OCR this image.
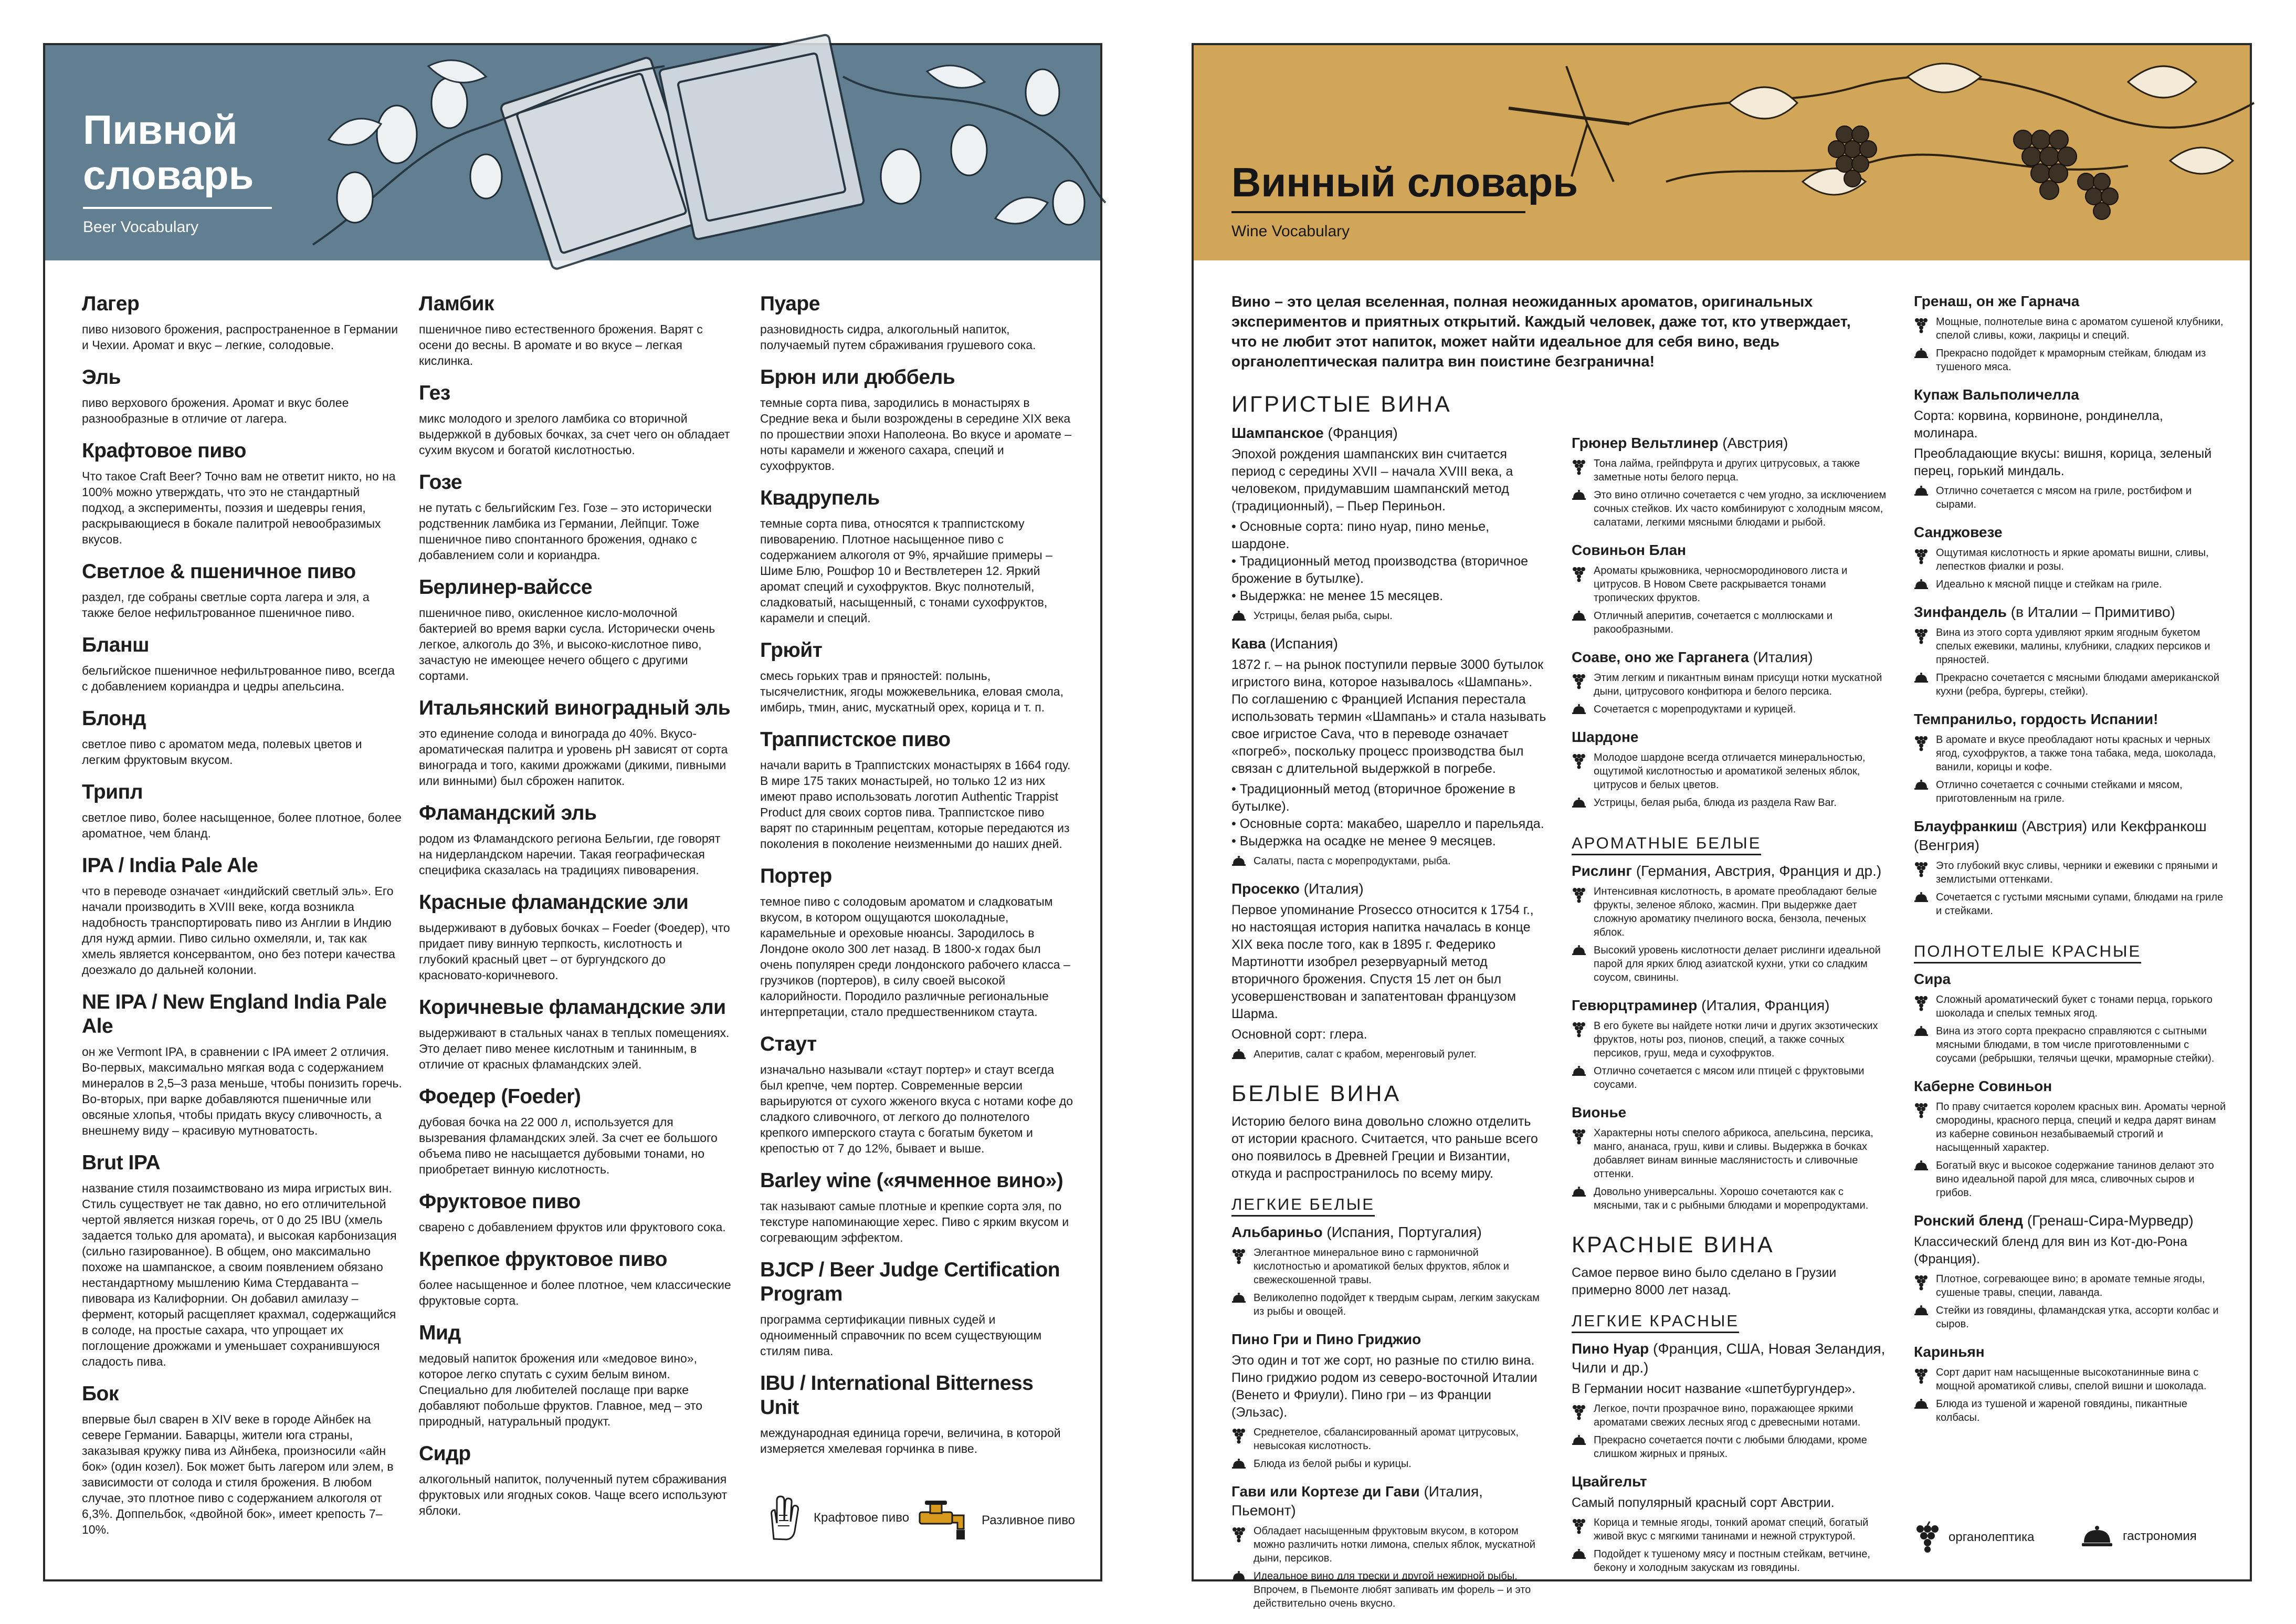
Пивной
словарь
Beer Vocabulary
Лагер

пиво низового брожения, распространенное в Германии и Чехии. Аромат и вкус – легкие, солодовые.

Эль

пиво верхового брожения. Аромат и вкус более разнообразные в отличие от лагера.

Крафтовое пиво

Что такое Craft Beer? Точно вам не ответит никто, но на 100% можно утверждать, что это не стандартный подход, а эксперименты, поэзия и шедевры гения, раскрывающиеся в бокале палитрой невообразимых вкусов.

Светлое & пшеничное пиво

раздел, где собраны светлые сорта лагера и эля, а также белое нефильтрованное пшеничное пиво.

Бланш

бельгийское пшеничное нефильтрованное пиво, всегда с добавлением кориандра и цедры апельсина.

Блонд

светлое пиво с ароматом меда, полевых цветов и легким фруктовым вкусом.

Трипл

светлое пиво, более насыщенное, более плотное, более ароматное, чем бланд.

IPA / India Pale Ale

что в переводе означает «индийский светлый эль». Его начали производить в XVIII веке, когда возникла надобность транспортировать пиво из Англии в Индию для нужд армии. Пиво сильно охмеляли, и, так как хмель является консервантом, оно без потери качества доезжало до дальней колонии.

NE IPA / New England India Pale Ale

он же Vermont IPA, в сравнении с IPA имеет 2 отличия. Во-первых, максимально мягкая вода с содержанием минералов в 2,5–3 раза меньше, чтобы понизить горечь. Во-вторых, при варке добавляются пшеничные или овсяные хлопья, чтобы придать вкусу сливочность, а внешнему виду – красивую мутноватость.

Brut IPA

название стиля позаимствовано из мира игристых вин. Стиль существует не так давно, но его отличительной чертой является низкая горечь, от 0 до 25 IBU (хмель задается только для аромата), и высокая карбонизация (сильно газированное). В общем, оно максимально похоже на шампанское, а своим появлением обязано нестандартному мышлению Кима Стердаванта – пивовара из Калифорнии. Он добавил амилазу – фермент, который расщепляет крахмал, содержащийся в солоде, на простые сахара, что упрощает их поглощение дрожжами и уменьшает сохранившуюся сладость пива.

Бок

впервые был сварен в XIV веке в городе Айнбек на севере Германии. Баварцы, жители юга страны, заказывая кружку пива из Айнбека, произносили «айн бок» (один козел). Бок может быть лагером или элем, в зависимости от солода и стиля брожения. В любом случае, это плотное пиво с содержанием алкоголя от 6,3%. Доппельбок, «двойной бок», имеет крепость 7–10%.

Ламбик

пшеничное пиво естественного брожения. Варят с осени до весны. В аромате и во вкусе – легкая кислинка.

Гез

микс молодого и зрелого ламбика со вторичной выдержкой в дубовых бочках, за счет чего он обладает сухим вкусом и богатой кислотностью.

Гозе

не путать с бельгийским Гез. Гозе – это исторически родственник ламбика из Германии, Лейпциг. Тоже пшеничное пиво спонтанного брожения, однако с добавлением соли и кориандра.

Берлинер-вайссе

пшеничное пиво, окисленное кисло-молочной бактерией во время варки сусла. Исторически очень легкое, алкоголь до 3%, и высоко-кислотное пиво, зачастую не имеющее нечего общего с другими сортами.

Итальянский виноградный эль

это единение солода и винограда до 40%. Вкусо-ароматическая палитра и уровень pH зависят от сорта винограда и того, какими дрожжами (дикими, пивными или винными) был сброжен напиток.

Фламандский эль

родом из Фламандского региона Бельгии, где говорят на нидерландском наречии. Такая географическая специфика сказалась на традициях пивоварения.

Красные фламандские эли

выдерживают в дубовых бочках – Foeder (Фоедер), что придает пиву винную терпкость, кислотность и глубокий красный цвет – от бургундского до красновато-коричневого.

Коричневые фламандские эли

выдерживают в стальных чанах в теплых помещениях. Это делает пиво менее кислотным и танинным, в отличие от красных фламандских элей.

Фоедер (Foeder)

дубовая бочка на 22 000 л, используется для вызревания фламандских элей. За счет ее большого объема пиво не насыщается дубовыми тонами, но приобретает винную кислотность.

Фруктовое пиво

сварено с добавлением фруктов или фруктового сока.

Крепкое фруктовое пиво

более насыщенное и более плотное, чем классические фруктовые сорта.

Мид

медовый напиток брожения или «медовое вино», которое легко спутать с сухим белым вином. Специально для любителей послаще при варке добавляют побольше фруктов. Главное, мед – это природный, натуральный продукт.

Сидр

алкогольный напиток, полученный путем сбраживания фруктовых или ягодных соков. Чаще всего используют яблоки.

Пуаре

разновидность сидра, алкогольный напиток, получаемый путем сбраживания грушевого сока.

Брюн или дюббель

темные сорта пива, зародились в монастырях в Средние века и были возрождены в середине XIX века по прошествии эпохи Наполеона. Во вкусе и аромате – ноты карамели и жженого сахара, специй и сухофруктов.

Квадрупель

темные сорта пива, относятся к траппистскому пивоварению. Плотное насыщенное пиво с содержанием алкоголя от 9%, ярчайшие примеры – Шиме Блю, Рошфор 10 и Вествлетерен 12. Яркий аромат специй и сухофруктов. Вкус полнотелый, сладковатый, насыщенный, с тонами сухофруктов, карамели и специй.

Грюйт

смесь горьких трав и пряностей: полынь, тысячелистник, ягоды можжевельника, еловая смола, имбирь, тмин, анис, мускатный орех, корица и т. п.

Траппистское пиво

начали варить в Траппистских монастырях в 1664 году. В мире 175 таких монастырей, но только 12 из них имеют право использовать логотип Authentic Trappist Product для своих сортов пива. Траппистское пиво варят по старинным рецептам, которые передаются из поколения в поколение неизменными до наших дней.

Портер

темное пиво с солодовым ароматом и сладковатым вкусом, в котором ощущаются шоколадные, карамельные и ореховые нюансы. Зародилось в Лондоне около 300 лет назад. В 1800-х годах был очень популярен среди лондонского рабочего класса – грузчиков (портеров), в силу своей высокой калорийности. Породило различные региональные интерпретации, стало предшественником стаута.

Стаут

изначально называли «стаут портер» и стаут всегда был крепче, чем портер. Современные версии варьируются от сухого жженого вкуса с нотами кофе до сладкого сливочного, от легкого до полнотелого крепкого имперского стаута с богатым букетом и крепостью от 7 до 12%, бывает и выше.

Barley wine («ячменное вино»)

так называют самые плотные и крепкие сорта эля, по текстуре напоминающие херес. Пиво с ярким вкусом и согревающим эффектом.

BJCP / Beer Judge Certification Program

программа сертификации пивных судей и одноименный справочник по всем существующим стилям пива.

IBU / International Bitterness Unit

международная единица горечи, величина, в которой измеряется хмелевая горчинка в пиве.

Крафтовое пиво	Разливное пиво
Винный словарь
Wine Vocabulary
Вино – это целая вселенная, полная неожиданных ароматов, оригинальных экспериментов и приятных открытий. Каждый человек, даже тот, кто утверждает, что не любит этот напиток, может найти идеальное для себя вино, ведь органолептическая палитра вин поистине безгранична!
ИГРИСТЫЕ ВИНА
Шампанское (Франция)
Эпохой рождения шампанских вин считается период с середины XVII – начала XVIII века, а человеком, придумавшим шампанский метод (традиционный), – Пьер Периньон.
• Основные сорта: пино нуар, пино менье, шардоне.
• Традиционный метод производства (вторичное брожение в бутылке).
• Выдержка: не менее 15 месяцев.
Устрицы, белая рыба, сыры.
Кава (Испания)
1872 г. – на рынок поступили первые 3000 бутылок игристого вина, которое называлось «Шампань». По соглашению с Францией Испания перестала использовать термин «Шампань» и стала называть свое игристое Cava, что в переводе означает «погреб», поскольку процесс производства был связан с длительной выдержкой в погребе.
• Традиционный метод (вторичное брожение в бутылке).
• Основные сорта: макабео, шарелло и парельяда.
• Выдержка на осадке не менее 9 месяцев.
Салаты, паста с морепродуктами, рыба.
Просекко (Италия)
Первое упоминание Prosecco относится к 1754 г., но настоящая история напитка началась в конце XIX века после того, как в 1895 г. Федерико Мартинотти изобрел резервуарный метод вторичного брожения. Спустя 15 лет он был усовершенствован и запатентован французом Шарма.
Основной сорт: глера.
Аперитив, салат с крабом, меренговый рулет.
БЕЛЫЕ ВИНА
Историю белого вина довольно сложно отделить от истории красного. Считается, что раньше всего оно появилось в Древней Греции и Византии, откуда и распространилось по всему миру.
ЛЕГКИЕ БЕЛЫЕ
Альбариньо (Испания, Португалия)
Элегантное минеральное вино с гармоничной кислотностью и ароматикой белых фруктов, яблок и свежескошенной травы.
Великолепно подойдет к твердым сырам, легким закускам из рыбы и овощей.
Пино Гри и Пино Гриджио
Это один и тот же сорт, но разные по стилю вина. Пино гриджио родом из северо-восточной Италии (Венето и Фриули). Пино гри – из Франции (Эльзас).
Среднетелое, сбалансированный аромат цитрусовых, невысокая кислотность.
Блюда из белой рыбы и курицы.
Гави или Кортезе ди Гави (Италия, Пьемонт)
Обладает насыщенным фруктовым вкусом, в котором можно различить нотки лимона, спелых яблок, мускатной дыни, персиков.
Идеальное вино для трески и другой нежирной рыбы. Впрочем, в Пьемонте любят запивать им форель – и это действительно очень вкусно.
Грюнер Вельтлинер (Австрия)
Тона лайма, грейпфрута и других цитрусовых, а также заметные ноты белого перца.
Это вино отлично сочетается с чем угодно, за исключением сочных стейков. Их часто комбинируют с холодным мясом, салатами, легкими мясными блюдами и рыбой.
Совиньон Блан
Ароматы крыжовника, черносмородинового листа и цитрусов. В Новом Свете раскрывается тонами тропических фруктов.
Отличный аперитив, сочетается с моллюсками и ракообразными.
Соаве, оно же Гарганега (Италия)
Этим легким и пикантным винам присущи нотки мускатной дыни, цитрусового конфитюра и белого персика.
Сочетается с морепродуктами и курицей.
Шардоне
Молодое шардоне всегда отличается минеральностью, ощутимой кислотностью и ароматикой зеленых яблок, цитрусов и белых цветов.
Устрицы, белая рыба, блюда из раздела Raw Bar.
АРОМАТНЫЕ БЕЛЫЕ
Рислинг (Германия, Австрия, Франция и др.)
Интенсивная кислотность, в аромате преобладают белые фрукты, зеленое яблоко, жасмин. При выдержке дает сложную ароматику пчелиного воска, бензола, печеных яблок.
Высокий уровень кислотности делает рислинги идеальной парой для ярких блюд азиатской кухни, утки со сладким соусом, свинины.
Гевюрцтраминер (Италия, Франция)
В его букете вы найдете нотки личи и других экзотических фруктов, ноты роз, пионов, специй, а также сочных персиков, груш, меда и сухофруктов.
Отлично сочетается с мясом или птицей с фруктовыми соусами.
Вионье
Характерны ноты спелого абрикоса, апельсина, персика, манго, ананаса, груш, киви и сливы. Выдержка в бочках добавляет винам винные маслянистость и сливочные оттенки.
Довольно универсальны. Хорошо сочетаются как с мясными, так и с рыбными блюдами и морепродуктами.
КРАСНЫЕ ВИНА
Самое первое вино было сделано в Грузии примерно 8000 лет назад.
ЛЕГКИЕ КРАСНЫЕ
Пино Нуар (Франция, США, Новая Зеландия, Чили и др.)
В Германии носит название «шпетбургундер».
Легкое, почти прозрачное вино, поражающее яркими ароматами свежих лесных ягод с древесными нотами.
Прекрасно сочетается почти с любыми блюдами, кроме слишком жирных и пряных.
Цвайгельт
Самый популярный красный сорт Австрии.
Корица и темные ягоды, тонкий аромат специй, богатый живой вкус с мягкими танинами и нежной структурой.
Подойдет к тушеному мясу и постным стейкам, ветчине, бекону и холодным закускам из говядины.
Гренаш, он же Гарнача
Мощные, полнотелые вина с ароматом сушеной клубники, спелой сливы, кожи, лакрицы и специй.
Прекрасно подойдет к мраморным стейкам, блюдам из тушеного мяса.
Купаж Вальполичелла
Сорта: корвина, корвиноне, рондинелла, молинара.
Преобладающие вкусы: вишня, корица, зеленый перец, горький миндаль.
Отлично сочетается с мясом на гриле, ростбифом и сырами.
Санджовезе
Ощутимая кислотность и яркие ароматы вишни, сливы, лепестков фиалки и розы.
Идеально к мясной пицце и стейкам на гриле.
Зинфандель (в Италии – Примитиво)
Вина из этого сорта удивляют ярким ягодным букетом спелых ежевики, малины, клубники, сладких персиков и пряностей.
Прекрасно сочетается с мясными блюдами американской кухни (ребра, бургеры, стейки).
Темпранильо, гордость Испании!
В аромате и вкусе преобладают ноты красных и черных ягод, сухофруктов, а также тона табака, меда, шоколада, ванили, корицы и кофе.
Отлично сочетается с сочными стейками и мясом, приготовленным на гриле.
Блауфранкиш (Австрия) или Кекфранкош (Венгрия)
Это глубокий вкус сливы, черники и ежевики с пряными и землистыми оттенками.
Сочетается с густыми мясными супами, блюдами на гриле и стейками.
ПОЛНОТЕЛЫЕ КРАСНЫЕ
Сира
Сложный ароматический букет с тонами перца, горького шоколада и спелых темных ягод.
Вина из этого сорта прекрасно справляются с сытными мясными блюдами, в том числе приготовленными с соусами (ребрышки, телячьи щечки, мраморные стейки).
Каберне Совиньон
По праву считается королем красных вин. Ароматы черной смородины, красного перца, специй и кедра дарят винам из каберне совиньон незабываемый строгий и насыщенный характер.
Богатый вкус и высокое содержание танинов делают это вино идеальной парой для мяса, сливочных сыров и грибов.
Ронский бленд (Гренаш-Сира-Мурведр)
Классический бленд для вин из Кот-дю-Рона (Франция).
Плотное, согревающее вино; в аромате темные ягоды, сушеные травы, специи, лаванда.
Стейки из говядины, фламандская утка, ассорти колбас и сыров.
Кариньян
Сорт дарит нам насыщенные высокотанинные вина с мощной ароматикой сливы, спелой вишни и шоколада.
Блюда из тушеной и жареной говядины, пикантные колбасы.
органолептика	гастрономия
